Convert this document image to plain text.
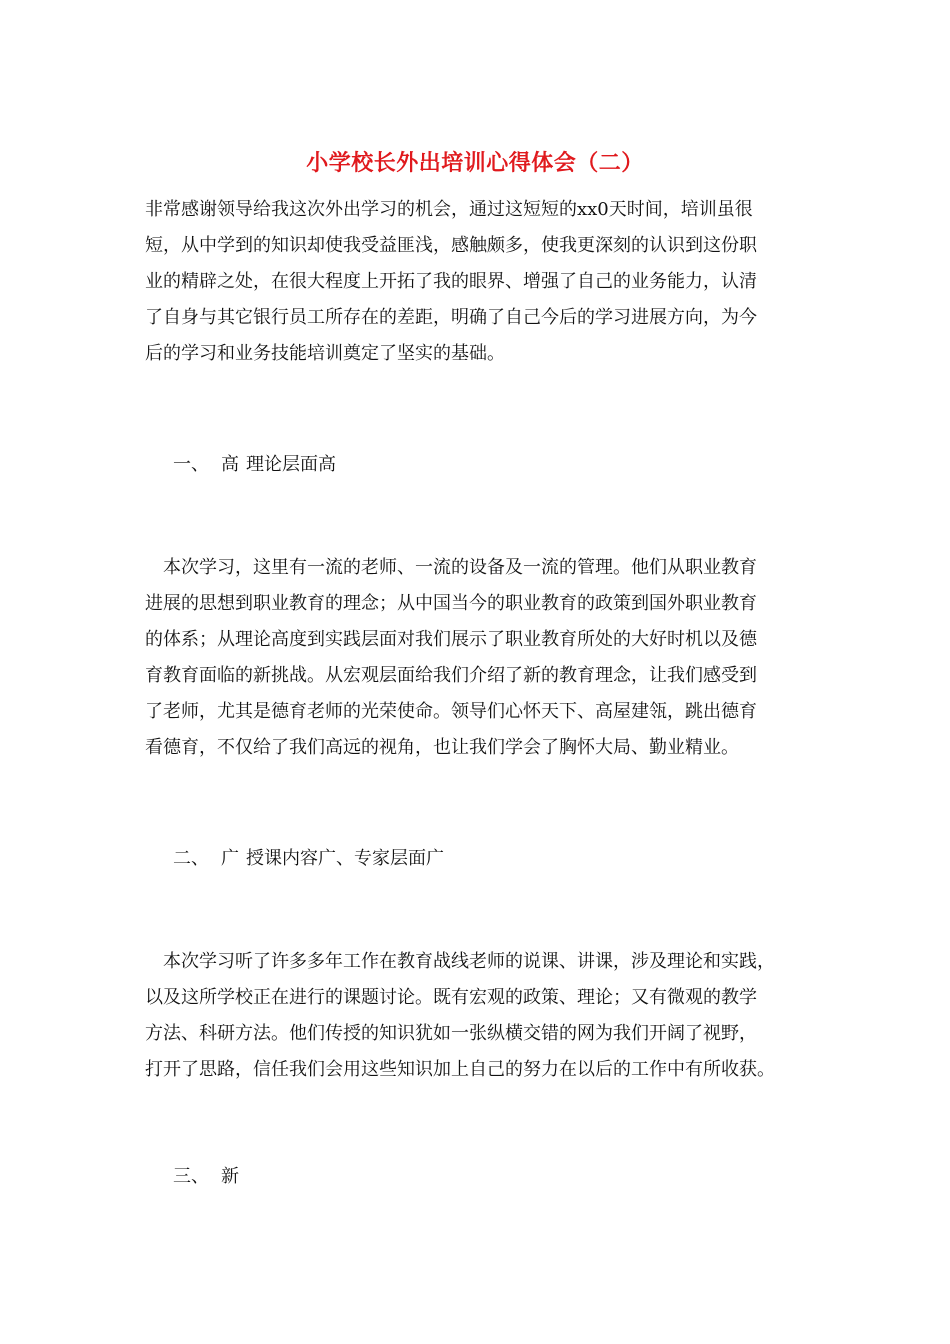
小学校长外出培训心得体会（二）
非常感谢领导给我这次外出学习的机会，通过这短短的xx0天时间，培训虽很
短，从中学到的知识却使我受益匪浅，感触颇多，使我更深刻的认识到这份职
业的精辟之处，在很大程度上开拓了我的眼界、增强了自己的业务能力，认清
了自身与其它银行员工所存在的差距，明确了自己今后的学习进展方向，为今
后的学习和业务技能培训奠定了坚实的基础。
一、 高 理论层面高
　本次学习，这里有一流的老师、一流的设备及一流的管理。他们从职业教育
进展的思想到职业教育的理念；从中国当今的职业教育的政策到国外职业教育
的体系；从理论高度到实践层面对我们展示了职业教育所处的大好时机以及德
育教育面临的新挑战。从宏观层面给我们介绍了新的教育理念，让我们感受到
了老师，尤其是德育老师的光荣使命。领导们心怀天下、高屋建瓴，跳出德育
看德育，不仅给了我们高远的视角，也让我们学会了胸怀大局、勤业精业。
二、 广 授课内容广、专家层面广
　本次学习听了许多多年工作在教育战线老师的说课、讲课，涉及理论和实践，
以及这所学校正在进行的课题讨论。既有宏观的政策、理论；又有微观的教学
方法、科研方法。他们传授的知识犹如一张纵横交错的网为我们开阔了视野，
打开了思路，信任我们会用这些知识加上自己的努力在以后的工作中有所收获。
三、 新
